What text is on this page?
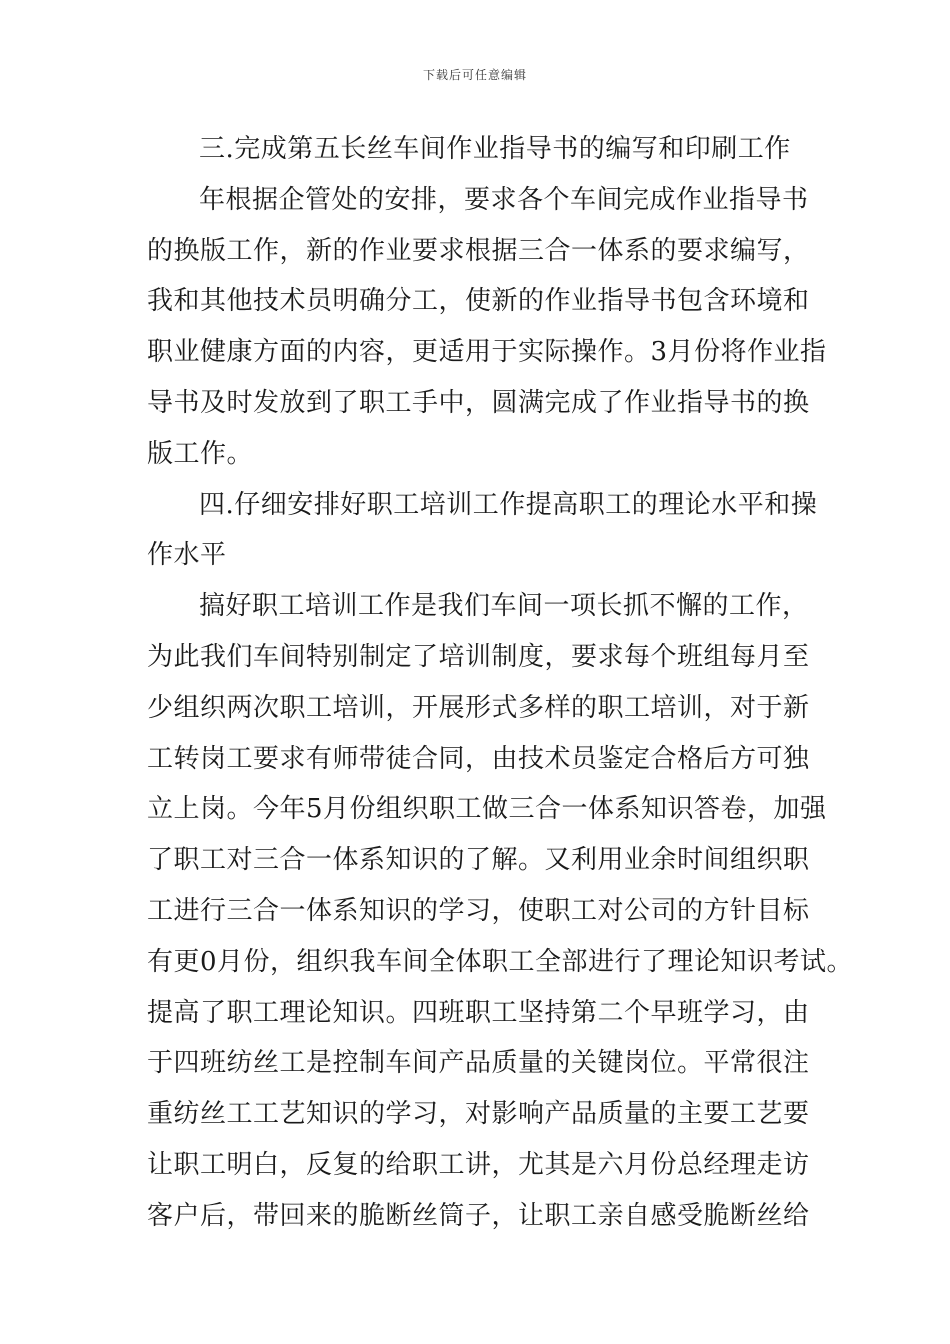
下载后可任意编辑
三.完成第五长丝车间作业指导书的编写和印刷工作
年根据企管处的安排，要求各个车间完成作业指导书
的换版工作，新的作业要求根据三合一体系的要求编写，
我和其他技术员明确分工，使新的作业指导书包含环境和
职业健康方面的内容，更适用于实际操作。3月份将作业指
导书及时发放到了职工手中，圆满完成了作业指导书的换
版工作。
四.仔细安排好职工培训工作提高职工的理论水平和操
作水平
搞好职工培训工作是我们车间一项长抓不懈的工作，
为此我们车间特别制定了培训制度，要求每个班组每月至
少组织两次职工培训，开展形式多样的职工培训，对于新
工转岗工要求有师带徒合同，由技术员鉴定合格后方可独
立上岗。今年5月份组织职工做三合一体系知识答卷，加强
了职工对三合一体系知识的了解。又利用业余时间组织职
工进行三合一体系知识的学习，使职工对公司的方针目标
有更0月份，组织我车间全体职工全部进行了理论知识考试。
提高了职工理论知识。四班职工坚持第二个早班学习，由
于四班纺丝工是控制车间产品质量的关键岗位。平常很注
重纺丝工工艺知识的学习，对影响产品质量的主要工艺要
让职工明白，反复的给职工讲，尤其是六月份总经理走访
客户后，带回来的脆断丝筒子，让职工亲自感受脆断丝给
